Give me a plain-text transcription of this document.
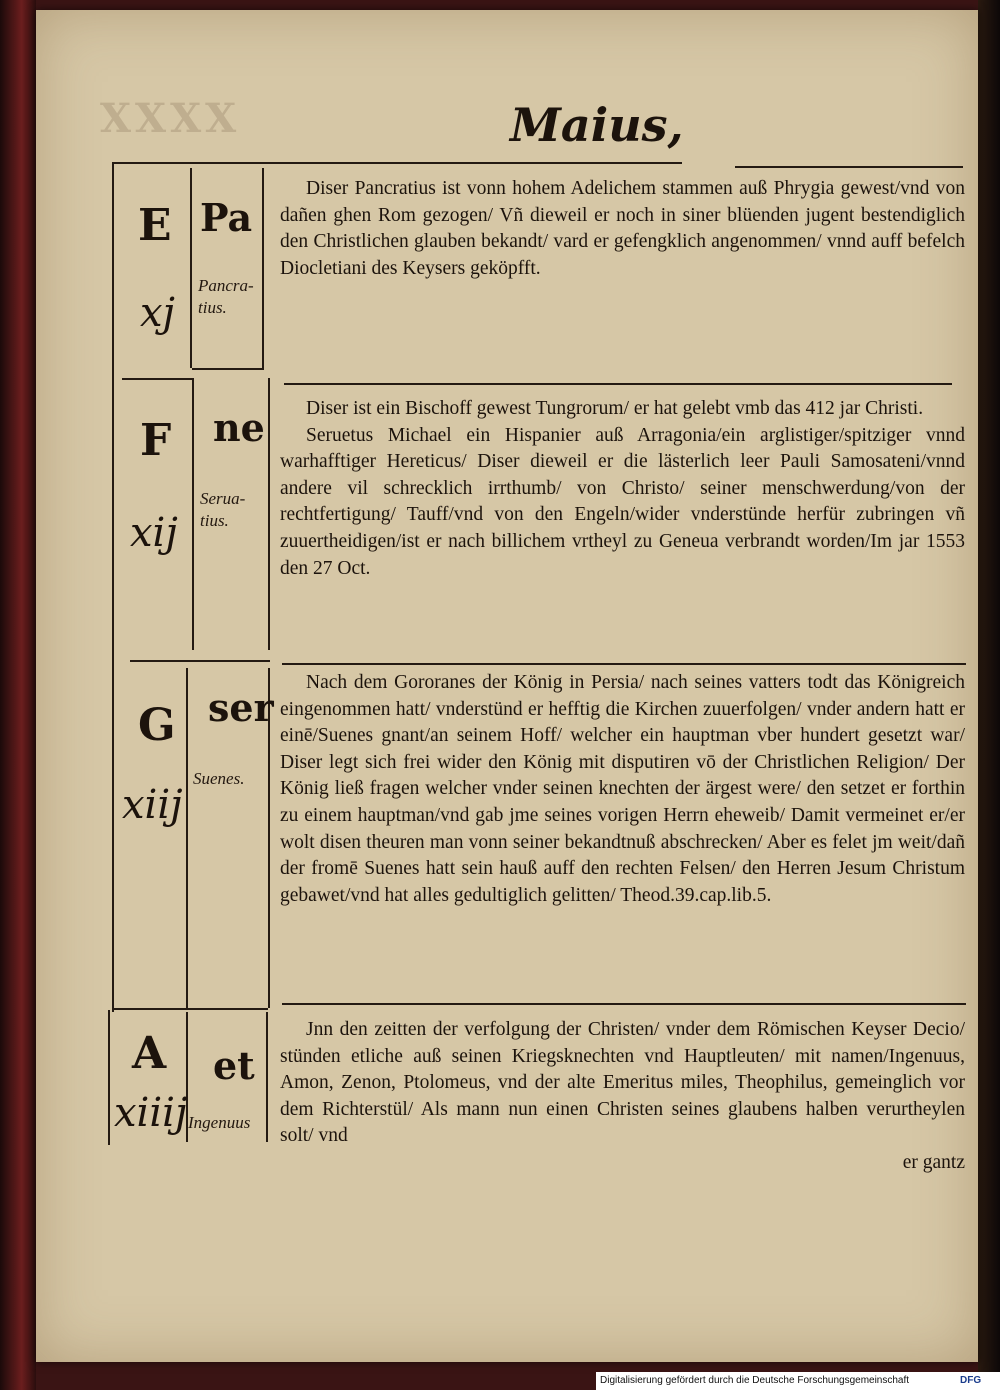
XXXX	Maius,
E
xj
Pa
Pancra-
tius.

Diser Pancratius ist vonn hohem Adelichem stammen auß Phrygia gewest/vnd von dañen ghen Rom gezogen/ Vñ dieweil er noch in siner blüenden jugent bestendiglich den Christlichen glauben bekandt/ vard er gefengklich angenommen/ vnnd auff befelch Diocletiani des Keysers geköpfft.

F
xij
ne
Serua-
tius.

Diser ist ein Bischoff gewest Tungrorum/ er hat gelebt vmb das 412 jar Christi.

Seruetus Michael ein Hispanier auß Arragonia/ein arglistiger/spitziger vnnd warhafftiger Hereticus/ Diser dieweil er die lästerlich leer Pauli Samosateni/vnnd andere vil schrecklich irrthumb/ von Christo/ seiner menschwerdung/von der rechtfertigung/ Tauff/vnd von den Engeln/wider vnderstünde herfür zubringen vñ zuuertheidigen/ist er nach billichem vrtheyl zu Geneua verbrandt worden/Im jar 1553 den 27 Oct.

G
xiij
ser
Suenes.

Nach dem Gororanes der König in Persia/ nach seines vatters todt das Königreich eingenommen hatt/ vnderstünd er hefftig die Kirchen zuuerfolgen/ vnder andern hatt er einē/Suenes gnant/an seinem Hoff/ welcher ein hauptman vber hundert gesetzt war/ Diser legt sich frei wider den König mit disputiren vō der Christlichen Religion/ Der König ließ fragen welcher vnder seinen knechten der ärgest were/ den setzet er forthin zu einem hauptman/vnd gab jme seines vorigen Herrn eheweib/ Damit vermeinet er/er wolt disen theuren man vonn seiner bekandtnuß abschrecken/ Aber es felet jm weit/dañ der fromē Suenes hatt sein hauß auff den rechten Felsen/ den Herren Jesum Christum gebawet/vnd hat alles gedultiglich gelitten/ Theod.39.cap.lib.5.

A
xiiij
et
Ingenuus

Jnn den zeitten der verfolgung der Christen/ vnder dem Römischen Keyser Decio/ stünden etliche auß seinen Kriegsknechten vnd Hauptleuten/ mit namen/Ingenuus, Amon, Zenon, Ptolomeus, vnd der alte Emeritus miles, Theophilus, gemeinglich vor dem Richterstül/ Als mann nun einen Christen seines glaubens halben verurtheylen solt/ vnd

er gantz
Digitalisierung gefördert durch die Deutsche Forschungsgemeinschaft	DFG
